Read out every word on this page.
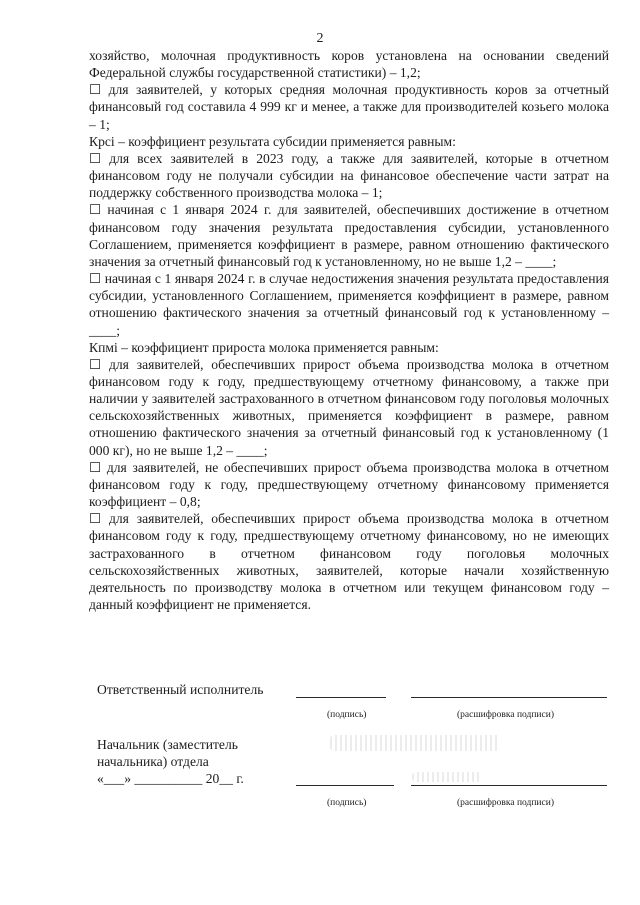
2

хозяйство, молочная продуктивность коров установлена на основании сведений Федеральной службы государственной статистики) – 1,2;

☐ для заявителей, у которых средняя молочная продуктивность коров за отчетный финансовый год составила 4 999 кг и менее, а также для производителей козьего молока – 1;

Крсi – коэффициент результата субсидии применяется равным:

☐ для всех заявителей в 2023 году, а также для заявителей, которые в отчетном финансовом году не получали субсидии на финансовое обеспечение части затрат на поддержку собственного производства молока – 1;

☐ начиная с 1 января 2024 г. для заявителей, обеспечивших достижение в отчетном финансовом году значения результата предоставления субсидии, установленного Соглашением, применяется коэффициент в размере, равном отношению фактического значения за отчетный финансовый год к установленному, но не выше 1,2 – ____;

☐ начиная с 1 января 2024 г. в случае недостижения значения результата предоставления субсидии, установленного Соглашением, применяется коэффициент в размере, равном отношению фактического значения за отчетный финансовый год к установленному – ____;

Кпмi – коэффициент прироста молока применяется равным:

☐ для заявителей, обеспечивших прирост объема производства молока в отчетном финансовом году к году, предшествующему отчетному финансовому, а также при наличии у заявителей застрахованного в отчетном финансовом году поголовья молочных сельскохозяйственных животных, применяется коэффициент в размере, равном отношению фактического значения за отчетный финансовый год к установленному (1 000 кг), но не выше 1,2 – ____;

☐ для заявителей, не обеспечивших прирост объема производства молока в отчетном финансовом году к году, предшествующему отчетному финансовому применяется коэффициент – 0,8;

☐ для заявителей, обеспечивших прирост объема производства молока в отчетном финансовом году к году, предшествующему отчетному финансовому, но не имеющих застрахованного в отчетном финансовом году поголовья молочных сельскохозяйственных животных, заявителей, которые начали хозяйственную деятельность по производству молока в отчетном или текущем финансовом году – данный коэффициент не применяется.

Ответственный исполнитель
(подпись)	(расшифровка подписи)
Начальник (заместитель
начальника) отдела
«___» __________ 20__ г.
(подпись)	(расшифровка подписи)
